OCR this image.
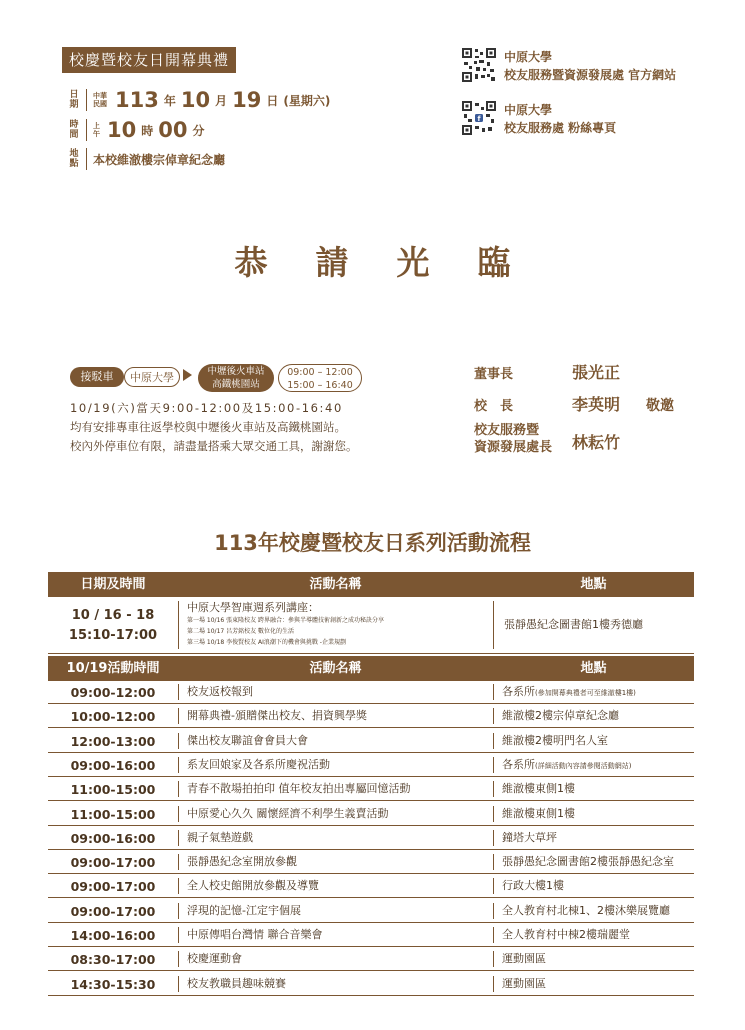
校慶暨校友日開幕典禮
日期
中華民國 113 年 10 月 19 日 (星期六)
時間
上午 10 時 00 分
地點 本校維澈樓宗倬章紀念廳
中原大學
校友服務暨資源發展處 官方網站
f
中原大學
校友服務處 粉絲專頁
恭請光臨
接駁車	中原大學	中壢後火車站
高鐵桃園站
09:00 – 12:00
15:00 – 16:40
10/19(六)當天9:00-12:00及15:00-16:40
均有安排專車往返學校與中壢後火車站及高鐵桃園站。
校內外停車位有限，請盡量搭乘大眾交通工具，謝謝您。
董事長	張光正
校　長	李英明 敬邀
校友服務暨
資源發展處長 林耘竹
113年校慶暨校友日系列活動流程
日期及時間	活動名稱	地點
10 / 16 - 18
15:10-17:00
中原大學智庫週系列講座：
第一場 10/16 張東隆校友 跨界融合：參與半導體技術創新之成功秘訣分享
第二場 10/17 呂芳銘校友 數位化的生活
第三場 10/18 李俊賢校友 AI浪潮下的機會與挑戰 -企業規劃
張靜愚紀念圖書館1樓秀德廳
10/19活動時間	活動名稱	地點
09:00-12:00	校友返校報到	各系所(參加開幕典禮者可至維澈樓1樓)
10:00-12:00	開幕典禮-頒贈傑出校友、捐資興學獎	維澈樓2樓宗倬章紀念廳
12:00-13:00	傑出校友聯誼會會員大會	維澈樓2樓明門名人室
09:00-16:00	系友回娘家及各系所慶祝活動	各系所(詳細活動內容請參閱活動網站)
11:00-15:00	青春不散場拍拍印 值年校友拍出專屬回憶活動	維澈樓東側1樓
11:00-15:00	中原愛心久久 關懷經濟不利學生義賣活動	維澈樓東側1樓
09:00-16:00	親子氣墊遊戲	鐘塔大草坪
09:00-17:00	張靜愚紀念室開放參觀	張靜愚紀念圖書館2樓張靜愚紀念室
09:00-17:00	全人校史館開放參觀及導覽	行政大樓1樓
09:00-17:00	浮現的記憶-江定宇個展	全人教育村北棟1、2樓沐樂展覽廳
14:00-16:00	中原傳唱台灣情 聯合音樂會	全人教育村中棟2樓瑞麗堂
08:30-17:00	校慶運動會	運動園區
14:30-15:30	校友教職員趣味競賽	運動園區
